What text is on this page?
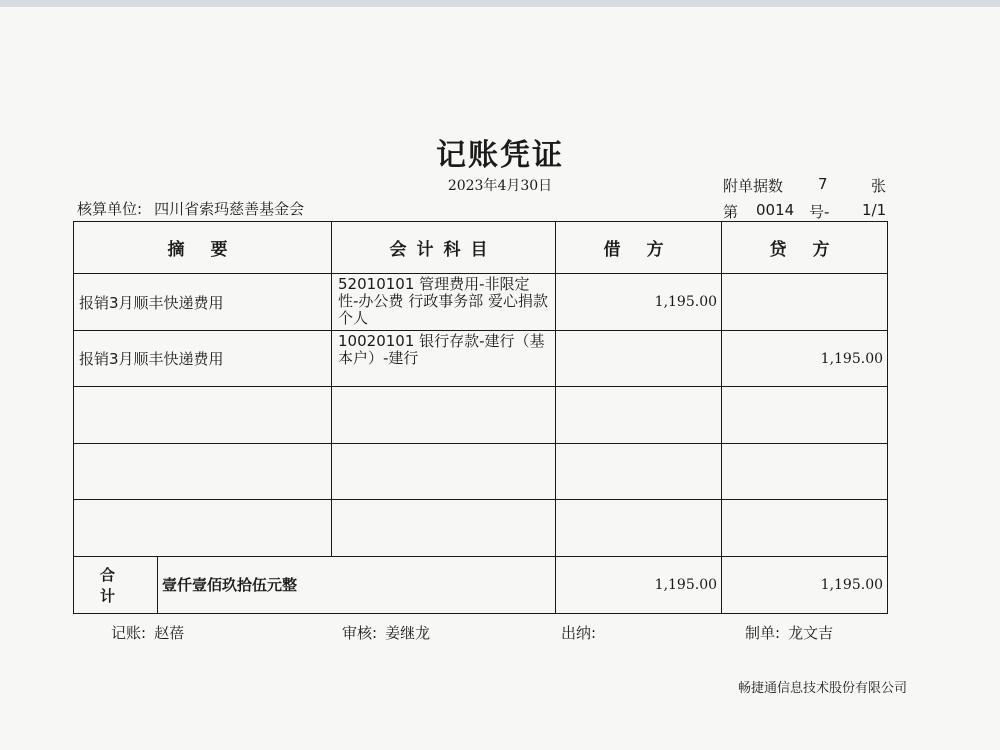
记账凭证
2023年4月30日
核算单位: 四川省索玛慈善基金会
附单据数 7	张
第 0014 号- 1/1
摘 要		会计科目	借 方	贷 方
报销3月顺丰快递费用		52010101 管理费用-非限定性-办公费 行政事务部 爱心捐款个人	1,195.00	
报销3月顺丰快递费用		10020101 银行存款-建行（基本户）-建行		1,195.00

合 计	壹仟壹佰玖拾伍元整		1,195.00	1,195.00
记账: 赵蓓	审核: 姜继龙	出纳:	制单: 龙文吉
畅捷通信息技术股份有限公司
